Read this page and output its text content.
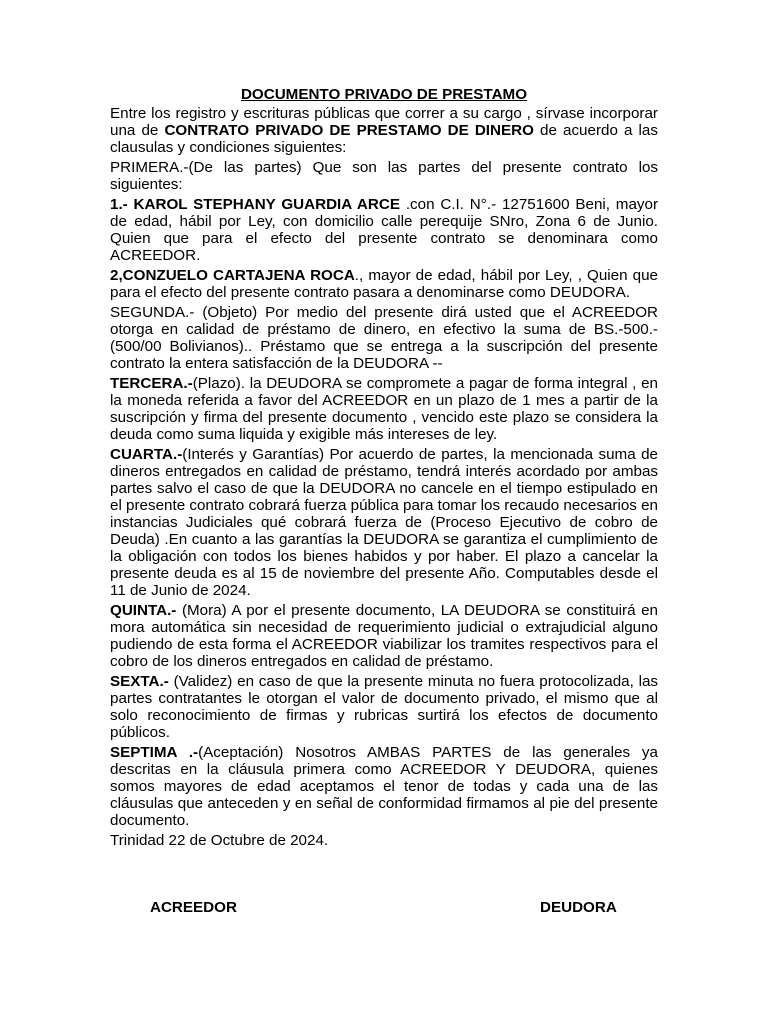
DOCUMENTO PRIVADO DE PRESTAMO

Entre los registro y escrituras públicas que correr a su cargo , sírvase incorporar una de CONTRATO PRIVADO DE PRESTAMO DE DINERO de acuerdo a las clausulas y condiciones siguientes:

PRIMERA.-(De las partes) Que son las partes del presente contrato los siguientes:

1.- KAROL STEPHANY GUARDIA ARCE .con C.I. N°.- 12751600 Beni, mayor de edad, hábil por Ley, con domicilio calle perequije SNro, Zona 6 de Junio. Quien que para el efecto del presente contrato se denominara como ACREEDOR.

2,CONZUELO CARTAJENA ROCA., mayor de edad, hábil por Ley, , Quien que para el efecto del presente contrato pasara a denominarse como DEUDORA.

SEGUNDA.- (Objeto) Por medio del presente dirá usted que el ACREEDOR otorga en calidad de préstamo de dinero, en efectivo la suma de BS.-500.- (500/00 Bolivianos).. Préstamo que se entrega a la suscripción del presente contrato la entera satisfacción de la DEUDORA --

TERCERA.-(Plazo). la DEUDORA se compromete a pagar de forma integral , en la moneda referida a favor del ACREEDOR en un plazo de 1 mes a partir de la suscripción y firma del presente documento , vencido este plazo se considera la deuda como suma liquida y exigible más intereses de ley.

CUARTA.-(Interés y Garantías) Por acuerdo de partes, la mencionada suma de dineros entregados en calidad de préstamo, tendrá interés acordado por ambas partes salvo el caso de que la DEUDORA no cancele en el tiempo estipulado en el presente contrato cobrará fuerza pública para tomar los recaudo necesarios en instancias Judiciales qué cobrará fuerza de (Proceso Ejecutivo de cobro de Deuda) .En cuanto a las garantías la DEUDORA se garantiza el cumplimiento de la obligación con todos los bienes habidos y por haber. El plazo a cancelar la presente deuda es al 15 de noviembre del presente Año. Computables desde el 11 de Junio de 2024.

QUINTA.- (Mora) A por el presente documento, LA DEUDORA se constituirá en mora automática sin necesidad de requerimiento judicial o extrajudicial alguno pudiendo de esta forma el ACREEDOR viabilizar los tramites respectivos para el cobro de los dineros entregados en calidad de préstamo.

SEXTA.- (Validez) en caso de que la presente minuta no fuera protocolizada, las partes contratantes le otorgan el valor de documento privado, el mismo que al solo reconocimiento de firmas y rubricas surtirá los efectos de documento públicos.

SEPTIMA .-(Aceptación) Nosotros AMBAS PARTES de las generales ya descritas en la cláusula primera como ACREEDOR Y DEUDORA, quienes somos mayores de edad aceptamos el tenor de todas y cada una de las cláusulas que anteceden y en señal de conformidad firmamos al pie del presente documento.

Trinidad 22 de Octubre de 2024.

ACREEDOR	DEUDORA
